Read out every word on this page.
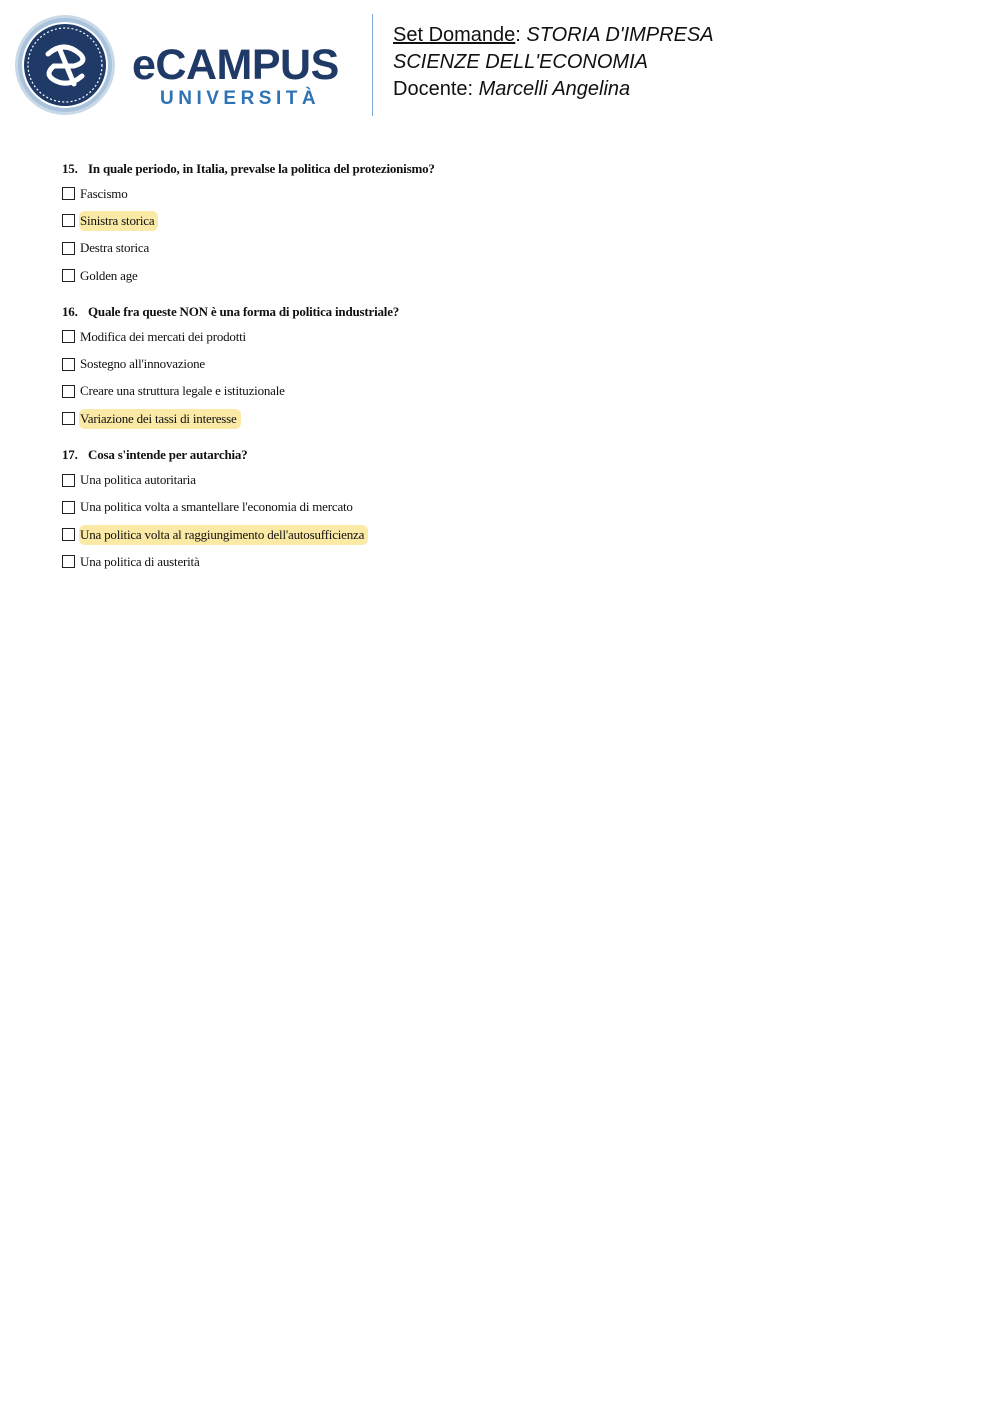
eCAMPUS
UNIVERSITÀ
Set Domande: STORIA D'IMPRESA
SCIENZE DELL'ECONOMIA
Docente: Marcelli Angelina
15. In quale periodo, in Italia, prevalse la politica del protezionismo?
Fascismo
Sinistra storica
Destra storica
Golden age
16. Quale fra queste NON è una forma di politica industriale?
Modifica dei mercati dei prodotti
Sostegno all'innovazione
Creare una struttura legale e istituzionale
Variazione dei tassi di interesse
17. Cosa s'intende per autarchia?
Una politica autoritaria
Una politica volta a smantellare l'economia di mercato
Una politica volta al raggiungimento dell'autosufficienza
Una politica di austerità
